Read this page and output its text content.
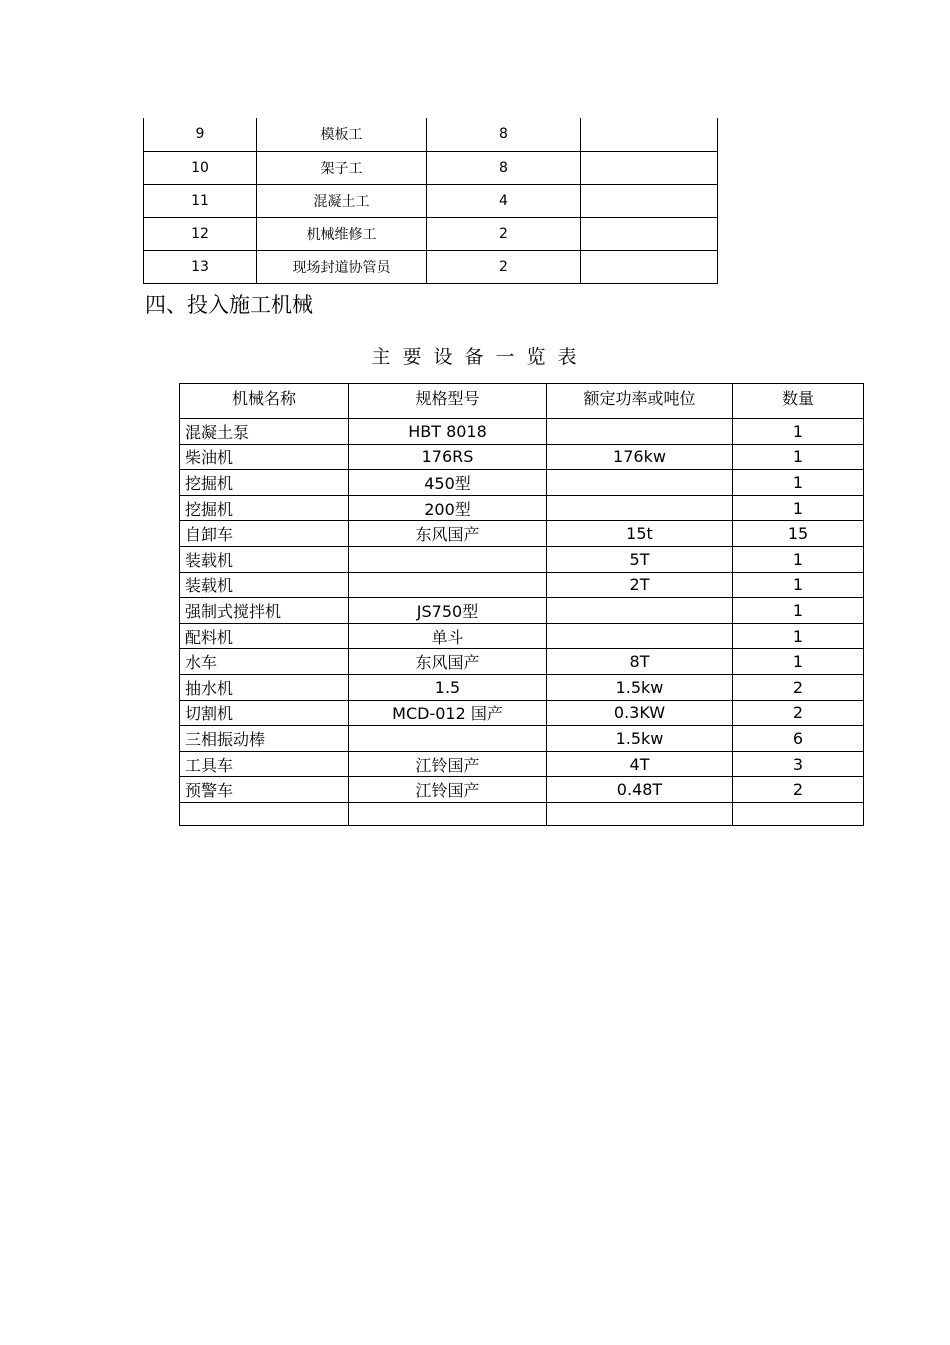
9	模板工	8	
10	架子工	8	
11	混凝土工	4	
12	机械维修工	2	
13	现场封道协管员	2	
四、投入施工机械
主要设备一览表
机械名称	规格型号	额定功率或吨位	数量
混凝土泵	HBT 8018		1
柴油机	176RS	176kw	1
挖掘机	450型		1
挖掘机	200型		1
自卸车	东风国产	15t	15
装载机		5T	1
装载机		2T	1
强制式搅拌机	JS750型		1
配料机	单斗		1
水车	东风国产	8T	1
抽水机	1.5	1.5kw	2
切割机	MCD-012 国产	0.3KW	2
三相振动棒		1.5kw	6
工具车	江铃国产	4T	3
预警车	江铃国产	0.48T	2
